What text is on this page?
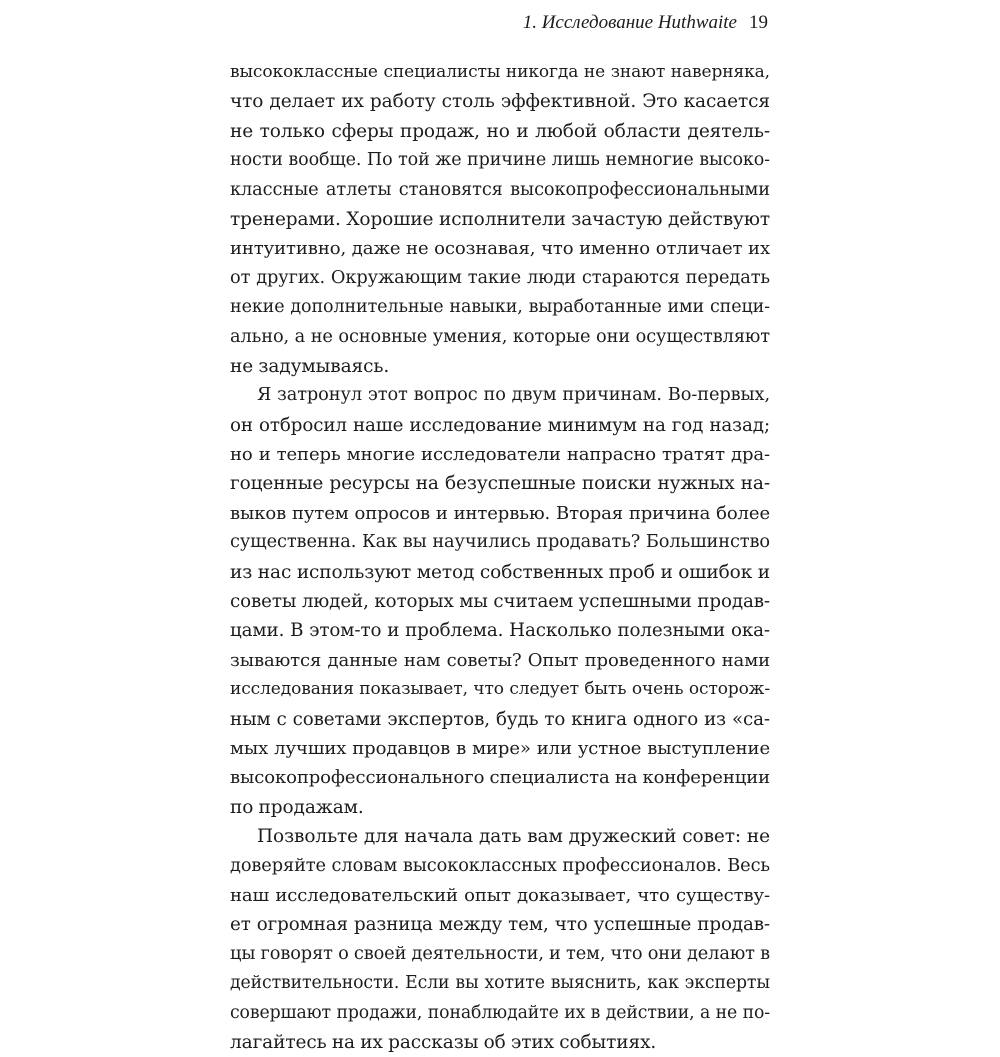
1. Исследование Huthwaite 19
высококлассные специалисты никогда не знают наверняка,
что делает их работу столь эффективной. Это касается
не только сферы продаж, но и любой области деятель-
ности вообще. По той же причине лишь немногие высоко-
классные атлеты становятся высокопрофессиональными
тренерами. Хорошие исполнители зачастую действуют
интуитивно, даже не осознавая, что именно отличает их
от других. Окружающим такие люди стараются передать
некие дополнительные навыки, выработанные ими специ-
ально, а не основные умения, которые они осуществляют
не задумываясь.
Я затронул этот вопрос по двум причинам. Во-первых,
он отбросил наше исследование минимум на год назад;
но и теперь многие исследователи напрасно тратят дра-
гоценные ресурсы на безуспешные поиски нужных на-
выков путем опросов и интервью. Вторая причина более
существенна. Как вы научились продавать? Большинство
из нас используют метод собственных проб и ошибок и
советы людей, которых мы считаем успешными продав-
цами. В этом-то и проблема. Насколько полезными ока-
зываются данные нам советы? Опыт проведенного нами
исследования показывает, что следует быть очень осторож-
ным с советами экспертов, будь то книга одного из «са-
мых лучших продавцов в мире» или устное выступление
высокопрофессионального специалиста на конференции
по продажам.
Позвольте для начала дать вам дружеский совет: не
доверяйте словам высококлассных профессионалов. Весь
наш исследовательский опыт доказывает, что существу-
ет огромная разница между тем, что успешные продав-
цы говорят о своей деятельности, и тем, что они делают в
действительности. Если вы хотите выяснить, как эксперты
совершают продажи, понаблюдайте их в действии, а не по-
лагайтесь на их рассказы об этих событиях.
